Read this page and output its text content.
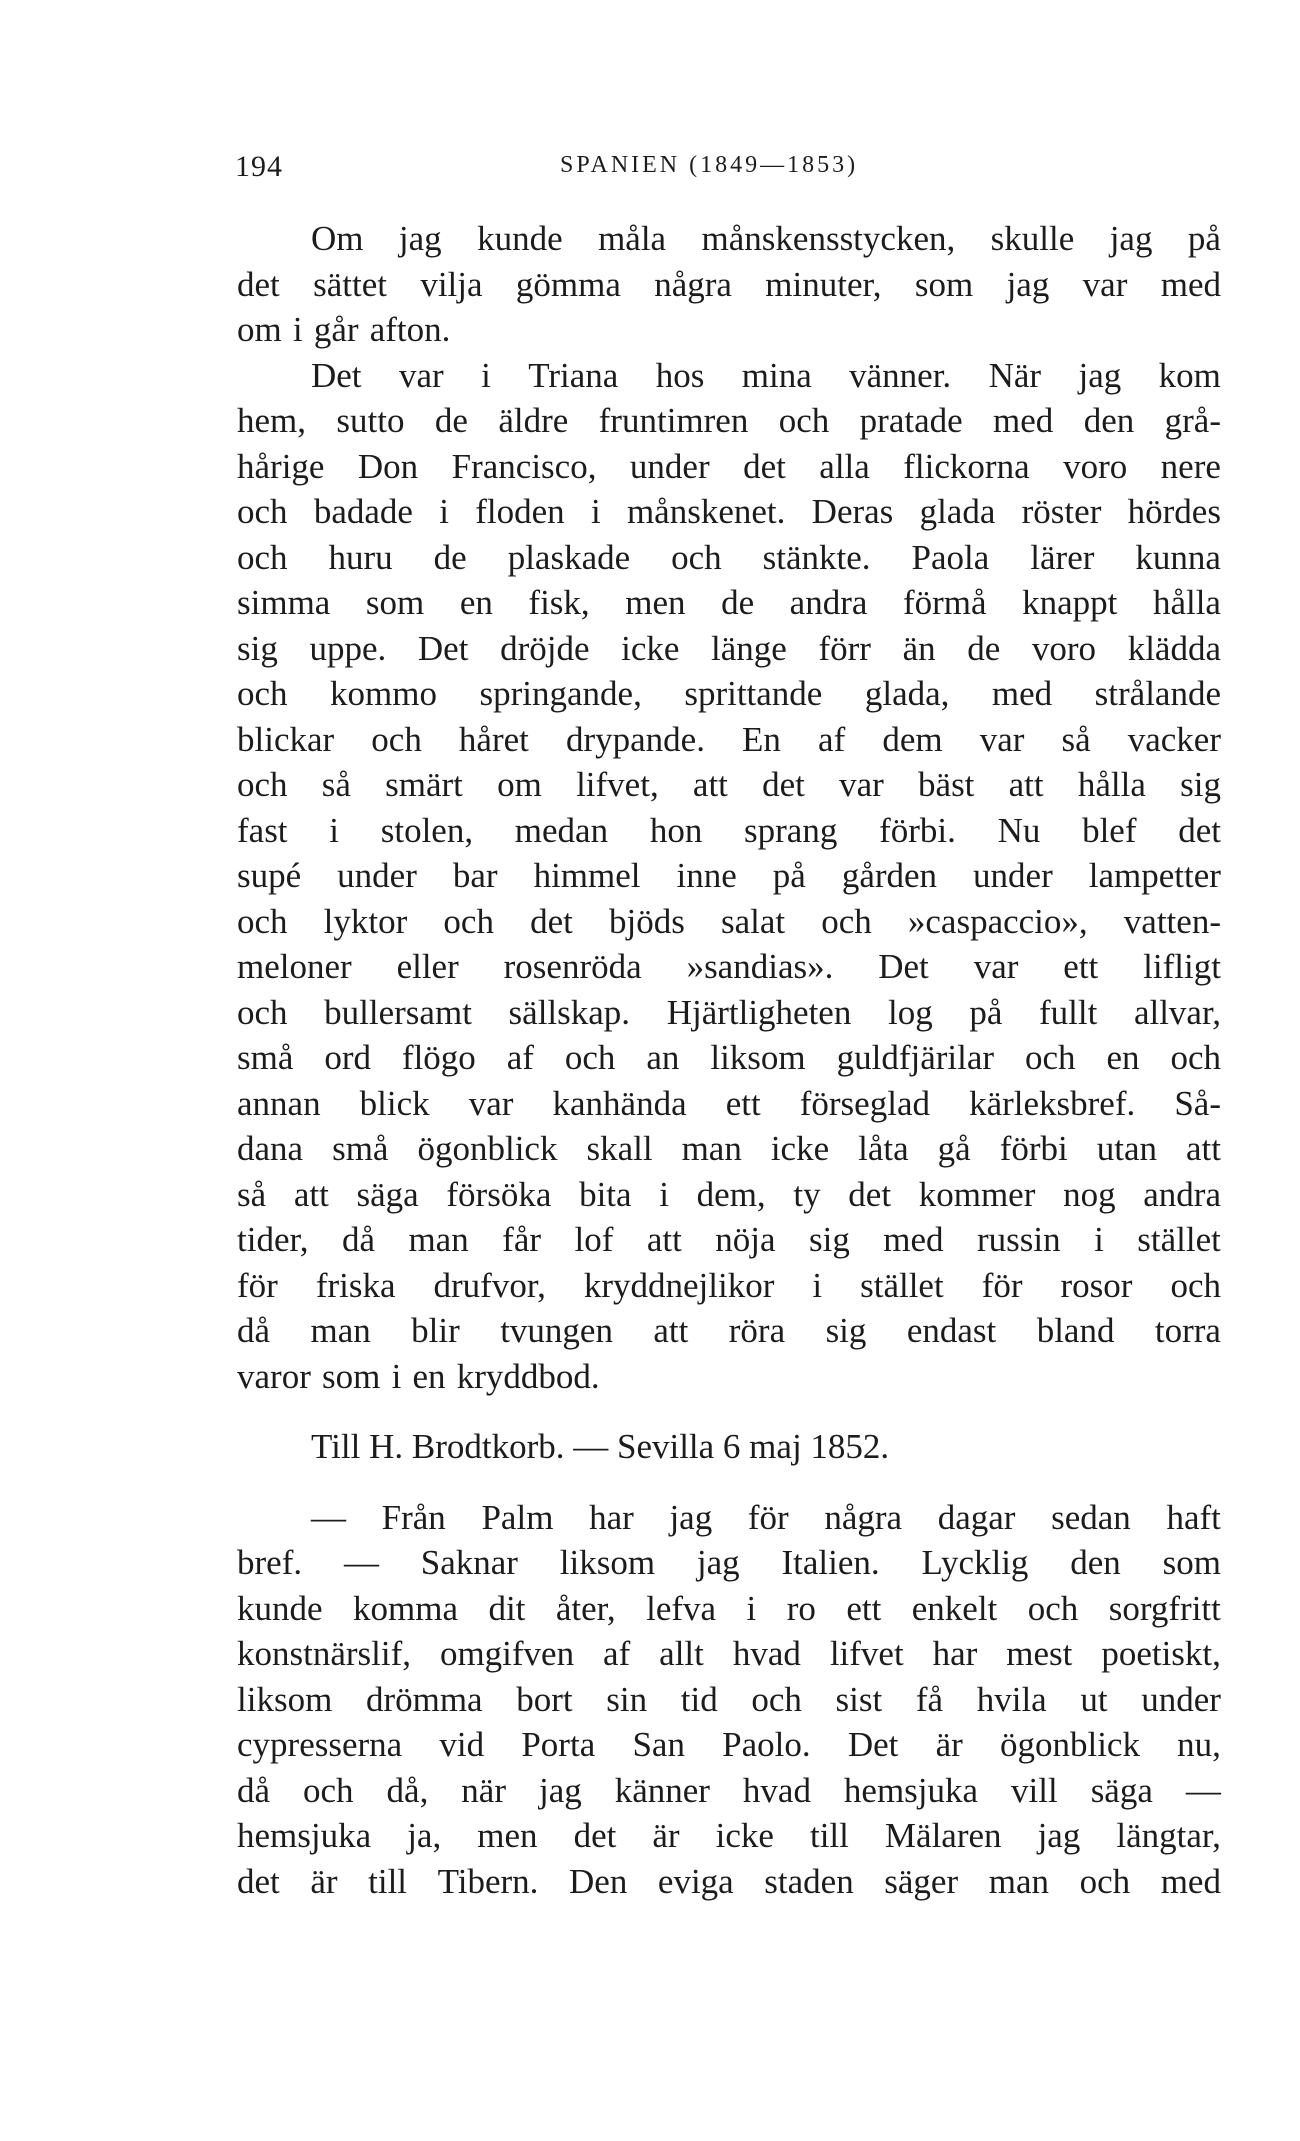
194	SPANIEN (1849—1853)
Om jag kunde måla månskensstycken, skulle jag på
det sättet vilja gömma några minuter, som jag var med
om i går afton.
Det var i Triana hos mina vänner. När jag kom
hem, sutto de äldre fruntimren och pratade med den grå-
hårige Don Francisco, under det alla flickorna voro nere
och badade i floden i månskenet. Deras glada röster hördes
och huru de plaskade och stänkte. Paola lärer kunna
simma som en fisk, men de andra förmå knappt hålla
sig uppe. Det dröjde icke länge förr än de voro klädda
och kommo springande, sprittande glada, med strålande
blickar och håret drypande. En af dem var så vacker
och så smärt om lifvet, att det var bäst att hålla sig
fast i stolen, medan hon sprang förbi. Nu blef det
supé under bar himmel inne på gården under lampetter
och lyktor och det bjöds salat och »caspaccio», vatten-
meloner eller rosenröda »sandias». Det var ett lifligt
och bullersamt sällskap. Hjärtligheten log på fullt allvar,
små ord flögo af och an liksom guldfjärilar och en och
annan blick var kanhända ett förseglad kärleksbref. Så-
dana små ögonblick skall man icke låta gå förbi utan att
så att säga försöka bita i dem, ty det kommer nog andra
tider, då man får lof att nöja sig med russin i stället
för friska drufvor, kryddnejlikor i stället för rosor och
då man blir tvungen att röra sig endast bland torra
varor som i en kryddbod.
Till H. Brodtkorb. — Sevilla 6 maj 1852.
— Från Palm har jag för några dagar sedan haft
bref. — Saknar liksom jag Italien. Lycklig den som
kunde komma dit åter, lefva i ro ett enkelt och sorgfritt
konstnärslif, omgifven af allt hvad lifvet har mest poetiskt,
liksom drömma bort sin tid och sist få hvila ut under
cypresserna vid Porta San Paolo. Det är ögonblick nu,
då och då, när jag känner hvad hemsjuka vill säga —
hemsjuka ja, men det är icke till Mälaren jag längtar,
det är till Tibern. Den eviga staden säger man och med
